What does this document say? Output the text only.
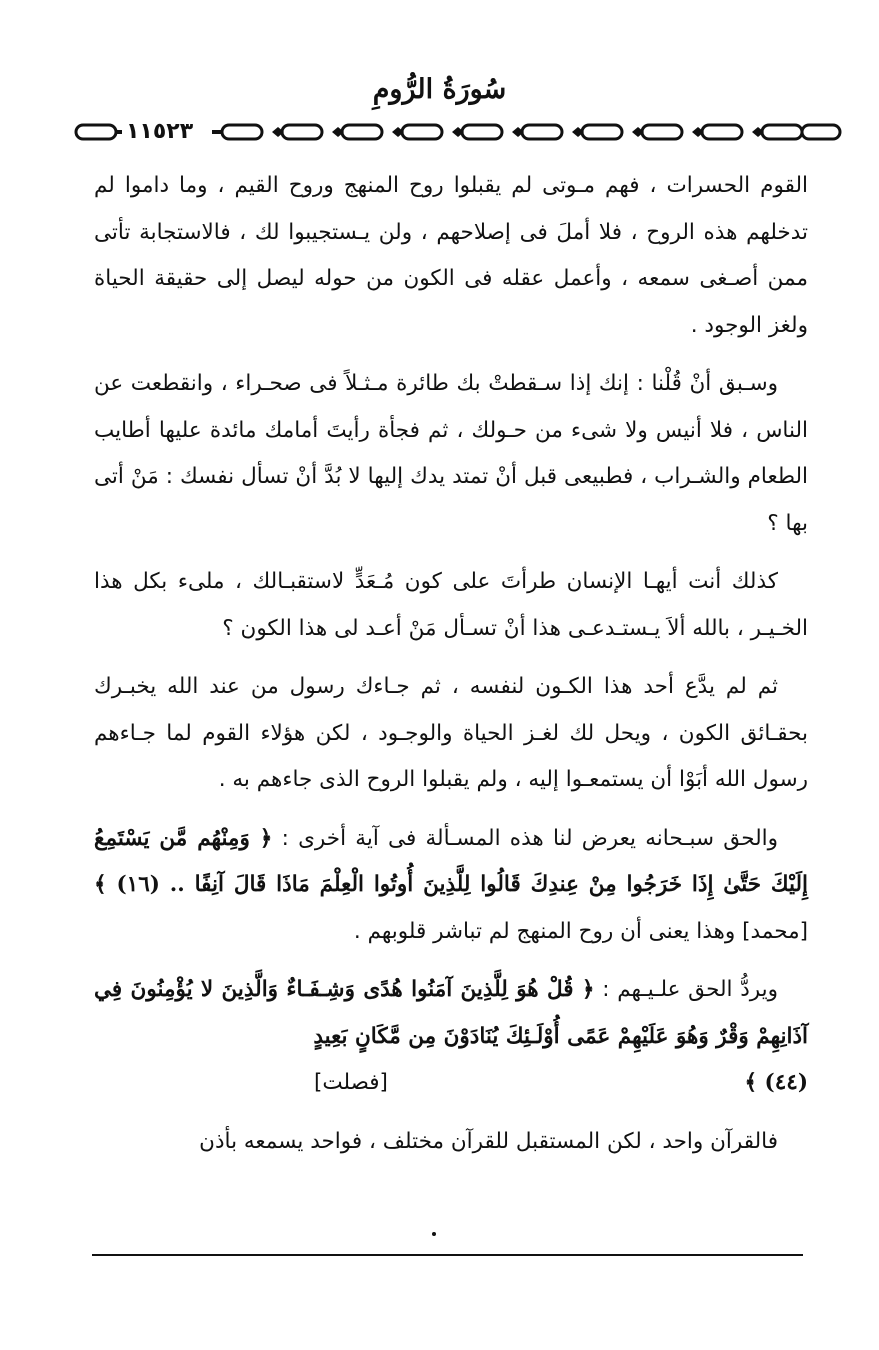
سُورَةُ الرُّومِ
١١٥٢٣

القوم الحسرات ، فهم مـوتى لم يقبلوا روح المنهج وروح القيم ، وما داموا لم تدخلهم هذه الروح ، فلا أملَ فى إصلاحهم ، ولن يـستجيبوا لك ، فالاستجابة تأتى ممن أصـغى سمعه ، وأعمل عقله فى الكون من حوله ليصل إلى حقيقة الحياة ولغز الوجود .

وسـبق أنْ قُلْنا : إنك إذا سـقطتْ بك طائرة مـثـلاً فى صحـراء ، وانقطعت عن الناس ، فلا أنيس ولا شىء من حـولك ، ثم فجأة رأيتَ أمامك مائدة عليها أطايب الطعام والشـراب ، فطبيعى قبل أنْ تمتد يدك إليها لا بُدَّ أنْ تسأل نفسك : مَنْ أتى بها ؟

كذلك أنت أيهـا الإنسان طرأتَ على كون مُـعَدٍّ لاستقبـالك ، ملىء بكل هذا الخـيـر ، بالله ألاَ يـستـدعـى هذا أنْ تسـأل مَنْ أعـد لى هذا الكون ؟

ثم لم يدَّع أحد هذا الكـون لنفسه ، ثم جـاءك رسول من عند الله يخبـرك بحقـائق الكون ، ويحل لك لغـز الحياة والوجـود ، لكن هؤلاء القوم لما جـاءهم رسول الله أبَوْا أن يستمعـوا إليه ، ولم يقبلوا الروح الذى جاءهم به .

والحق سبـحانه يعرض لنا هذه المسـألة فى آية أخرى : ﴿ وَمِنْهُم مَّن يَسْتَمِعُ إِلَيْكَ حَتَّىٰ إِذَا خَرَجُوا مِنْ عِندِكَ قَالُوا لِلَّذِينَ أُوتُوا الْعِلْمَ مَاذَا قَالَ آنِفًا .. (١٦) ﴾ [محمد] وهذا يعنى أن روح المنهج لم تباشر قلوبهم .

ويردُّ الحق علـيـهم : ﴿ قُلْ هُوَ لِلَّذِينَ آمَنُوا هُدًى وَشِـفَـاءٌ وَالَّذِينَ لا يُؤْمِنُونَ فِي آذَانِهِمْ وَقْرٌ وَهُوَ عَلَيْهِمْ عَمًى أُوْلَـئِكَ يُنَادَوْنَ مِن مَّكَانٍ بَعِيدٍ

(٤٤) ﴾
[فصلت]

فالقرآن واحد ، لكن المستقبل للقرآن مختلف ، فواحد يسمعه بأذن
